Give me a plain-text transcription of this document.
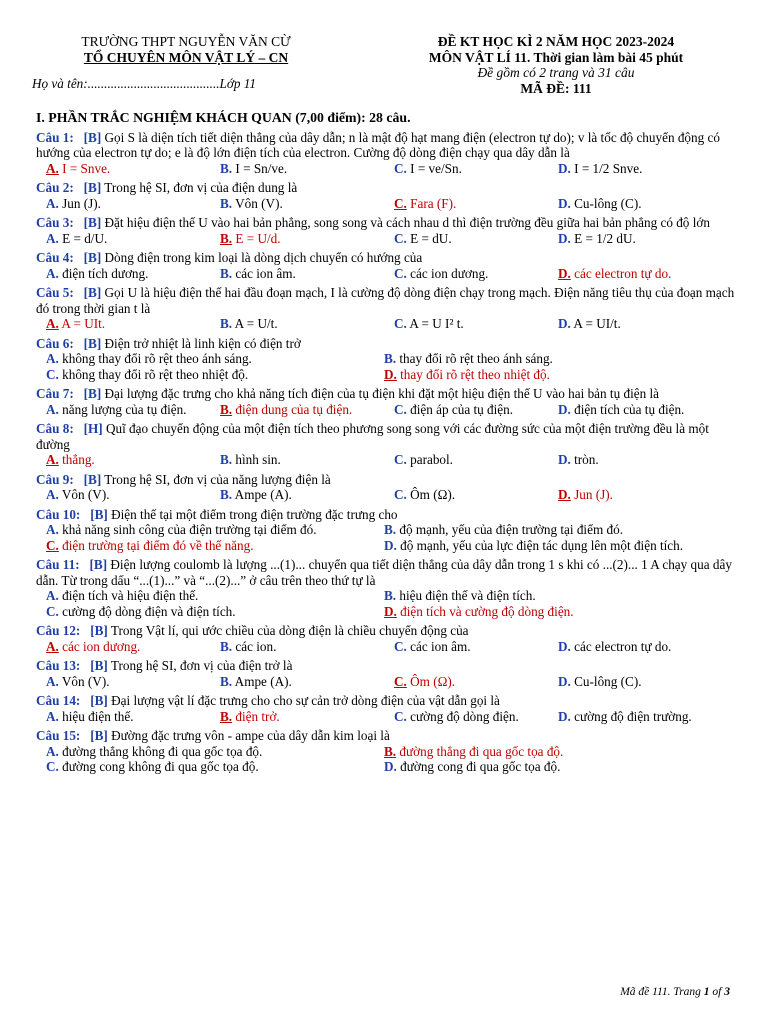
TRƯỜNG THPT NGUYỄN VĂN CỪ
TỔ CHUYÊN MÔN VẬT LÝ – CN
ĐỀ KT HỌC KÌ 2 NĂM HỌC 2023-2024
MÔN VẬT LÍ 11. Thời gian làm bài 45 phút
Đề gồm có 2 trang và 31 câu
MÃ ĐỀ: 111
Họ và tên:........................................Lớp 11
I. PHẦN TRẮC NGHIỆM KHÁCH QUAN (7,00 điểm): 28 câu.
Câu 1: [B] Gọi S là diện tích tiết diện thẳng của dây dẫn; n là mật độ hạt mang điện (electron tự do); v là tốc độ chuyển động có hướng của electron tự do; e là độ lớn điện tích của electron. Cường độ dòng điện chạy qua dây dẫn là
A. I = Snve.	B. I = Sn/ve.	C. I = ve/Sn.	D. I = 1/2 Snve.
Câu 2: [B] Trong hệ SI, đơn vị của điện dung là
A. Jun (J).	B. Vôn (V).	C. Fara (F).	D. Cu-lông (C).
Câu 3: [B] Đặt hiệu điện thế U vào hai bản phẳng, song song và cách nhau d thì điện trường đều giữa hai bản phẳng có độ lớn
A. E = d/U.	B. E = U/d.	C. E = dU.	D. E = 1/2 dU.
Câu 4: [B] Dòng điện trong kim loại là dòng dịch chuyển có hướng của
A. điện tích dương.	B. các ion âm.	C. các ion dương.	D. các electron tự do.
Câu 5: [B] Gọi U là hiệu điện thế hai đầu đoạn mạch, I là cường độ dòng điện chạy trong mạch. Điện năng tiêu thụ của đoạn mạch đó trong thời gian t là
A. A = UIt.	B. A = U/t.	C. A = U I² t.	D. A = UI/t.
Câu 6: [B] Điện trở nhiệt là linh kiện có điện trở
A. không thay đổi rõ rệt theo ánh sáng.	B. thay đổi rõ rệt theo ánh sáng.
C. không thay đổi rõ rệt theo nhiệt độ.	D. thay đổi rõ rệt theo nhiệt độ.
Câu 7: [B] Đại lượng đặc trưng cho khả năng tích điện của tụ điện khi đặt một hiệu điện thế U vào hai bản tụ điện là
A. năng lượng của tụ điện.	B. điện dung của tụ điện.	C. điện áp của tụ điện.	D. điện tích của tụ điện.
Câu 8: [H] Quĩ đạo chuyển động của một điện tích theo phương song song với các đường sức của một điện trường đều là một đường
A. thẳng.	B. hình sin.	C. parabol.	D. tròn.
Câu 9: [B] Trong hệ SI, đơn vị của năng lượng điện là
A. Vôn (V).	B. Ampe (A).	C. Ôm (Ω).	D. Jun (J).
Câu 10: [B] Điện thế tại một điểm trong điện trường đặc trưng cho
A. khả năng sinh công của điện trường tại điểm đó.	B. độ mạnh, yếu của điện trường tại điểm đó.
C. điện trường tại điểm đó về thế năng.	D. độ mạnh, yếu của lực điện tác dụng lên một điện tích.
Câu 11: [B] Điện lượng coulomb là lượng ...(1)... chuyển qua tiết diện thẳng của dây dẫn trong 1 s khi có ...(2)... 1 A chạy qua dây dẫn. Từ trong dấu “...(1)...” và “...(2)...” ở câu trên theo thứ tự là
A. điện tích và hiệu điện thế.	B. hiệu điện thế và điện tích.
C. cường độ dòng điện và điện tích.	D. điện tích và cường độ dòng điện.
Câu 12: [B] Trong Vật lí, qui ước chiều của dòng điện là chiều chuyển động của
A. các ion dương.	B. các ion.	C. các ion âm.	D. các electron tự do.
Câu 13: [B] Trong hệ SI, đơn vị của điện trở là
A. Vôn (V).	B. Ampe (A).	C. Ôm (Ω).	D. Cu-lông (C).
Câu 14: [B] Đại lượng vật lí đặc trưng cho cho sự cản trở dòng điện của vật dẫn gọi là
A. hiệu điện thế.	B. điện trở.	C. cường độ dòng điện.	D. cường độ điện trường.
Câu 15: [B] Đường đặc trưng vôn - ampe của dây dẫn kim loại là
A. đường thẳng không đi qua gốc tọa độ.	B. đường thẳng đi qua gốc tọa độ.
C. đường cong không đi qua gốc tọa độ.	D. đường cong đi qua gốc tọa độ.
Mã đề 111. Trang 1 of 3
